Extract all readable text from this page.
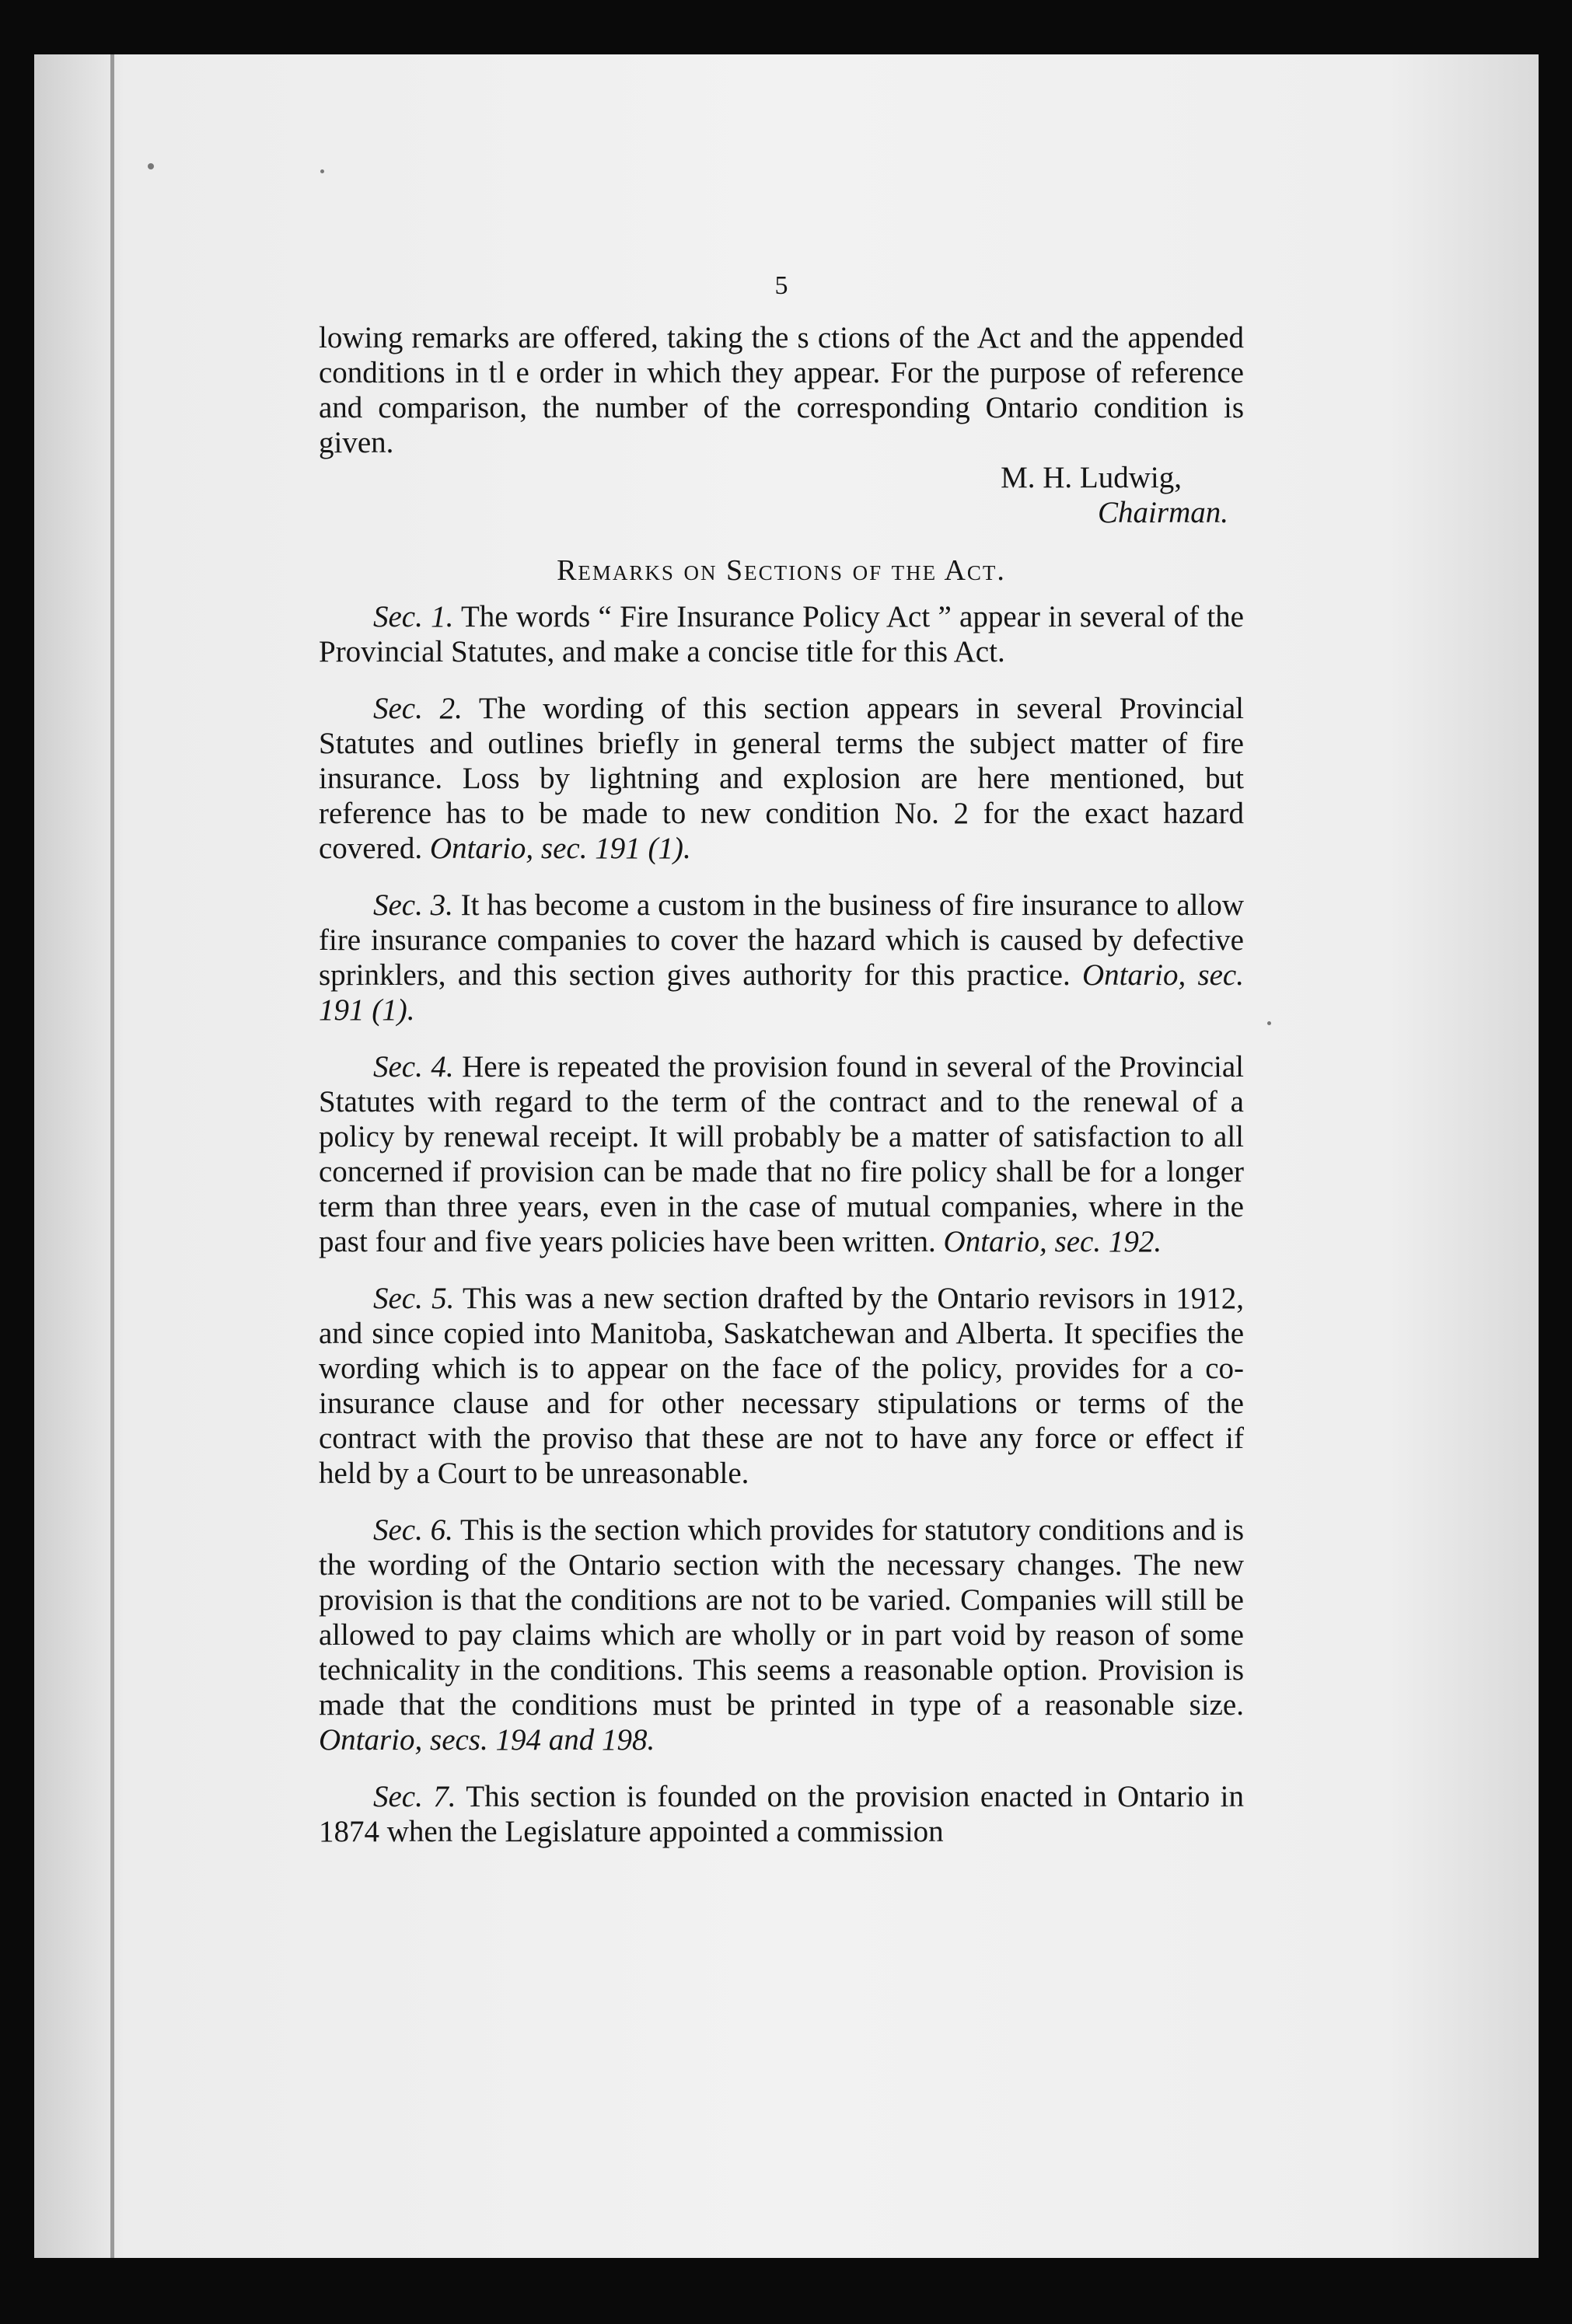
5

lowing remarks are offered, taking the s ctions of the Act and the appended conditions in tl e order in which they appear. For the purpose of reference and comparison, the number of the corresponding Ontario condition is given.

M. H. Ludwig,
Chairman.
Remarks on Sections of the Act.
Sec. 1. The words “ Fire Insurance Policy Act ” appear in several of the Provincial Statutes, and make a concise title for this Act.
Sec. 2. The wording of this section appears in several Provincial Statutes and outlines briefly in general terms the subject matter of fire insurance. Loss by lightning and explosion are here mentioned, but reference has to be made to new condition No. 2 for the exact hazard covered. Ontario, sec. 191 (1).
Sec. 3. It has become a custom in the business of fire insurance to allow fire insurance companies to cover the hazard which is caused by defective sprinklers, and this section gives authority for this practice. Ontario, sec. 191 (1).
Sec. 4. Here is repeated the provision found in several of the Provincial Statutes with regard to the term of the contract and to the renewal of a policy by renewal receipt. It will probably be a matter of satisfaction to all concerned if provision can be made that no fire policy shall be for a longer term than three years, even in the case of mutual companies, where in the past four and five years policies have been written. Ontario, sec. 192.
Sec. 5. This was a new section drafted by the Ontario revisors in 1912, and since copied into Manitoba, Saskatchewan and Alberta. It specifies the wording which is to appear on the face of the policy, provides for a co-insurance clause and for other necessary stipulations or terms of the contract with the proviso that these are not to have any force or effect if held by a Court to be unreasonable.
Sec. 6. This is the section which provides for statutory conditions and is the wording of the Ontario section with the necessary changes. The new provision is that the conditions are not to be varied. Companies will still be allowed to pay claims which are wholly or in part void by reason of some technicality in the conditions. This seems a reasonable option. Provision is made that the conditions must be printed in type of a reasonable size. Ontario, secs. 194 and 198.
Sec. 7. This section is founded on the provision enacted in Ontario in 1874 when the Legislature appointed a commission
